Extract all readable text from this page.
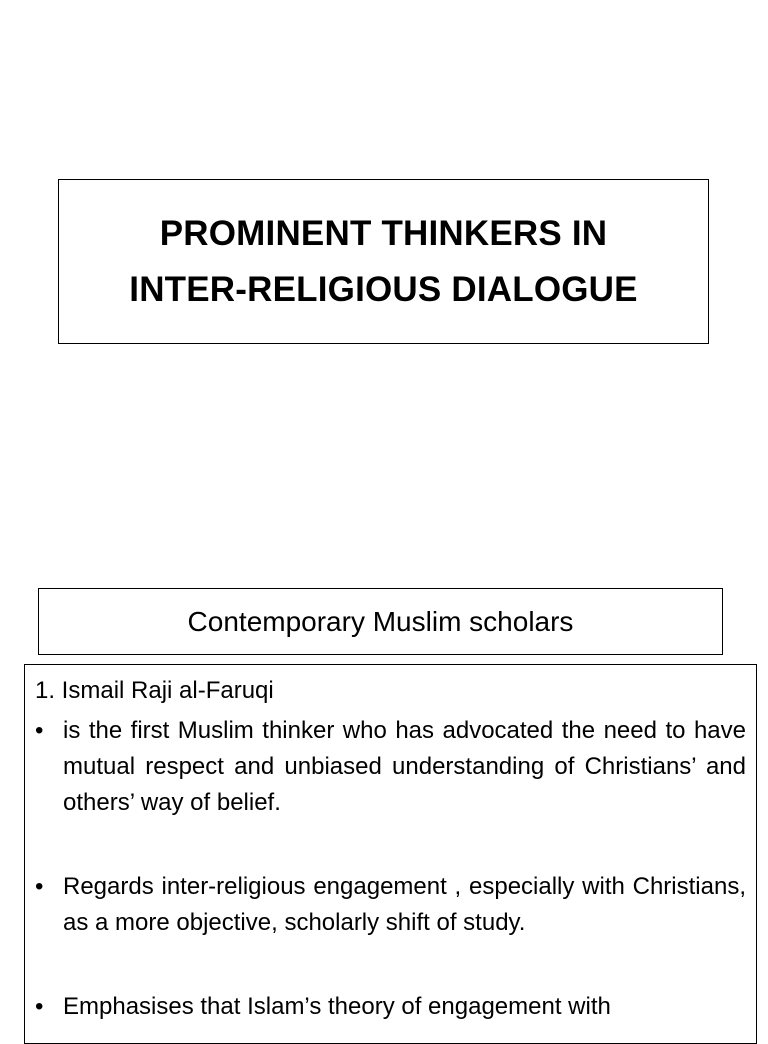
PROMINENT THINKERS IN
INTER-RELIGIOUS DIALOGUE
Contemporary Muslim scholars
1. Ismail Raji al-Faruqi
• is the first Muslim thinker who has advocated the need to have mutual respect and unbiased understanding of Christians’ and others’ way of belief.
• Regards inter-religious engagement , especially with Christians, as a more objective, scholarly shift of study.
• Emphasises that Islam’s theory of engagement with
